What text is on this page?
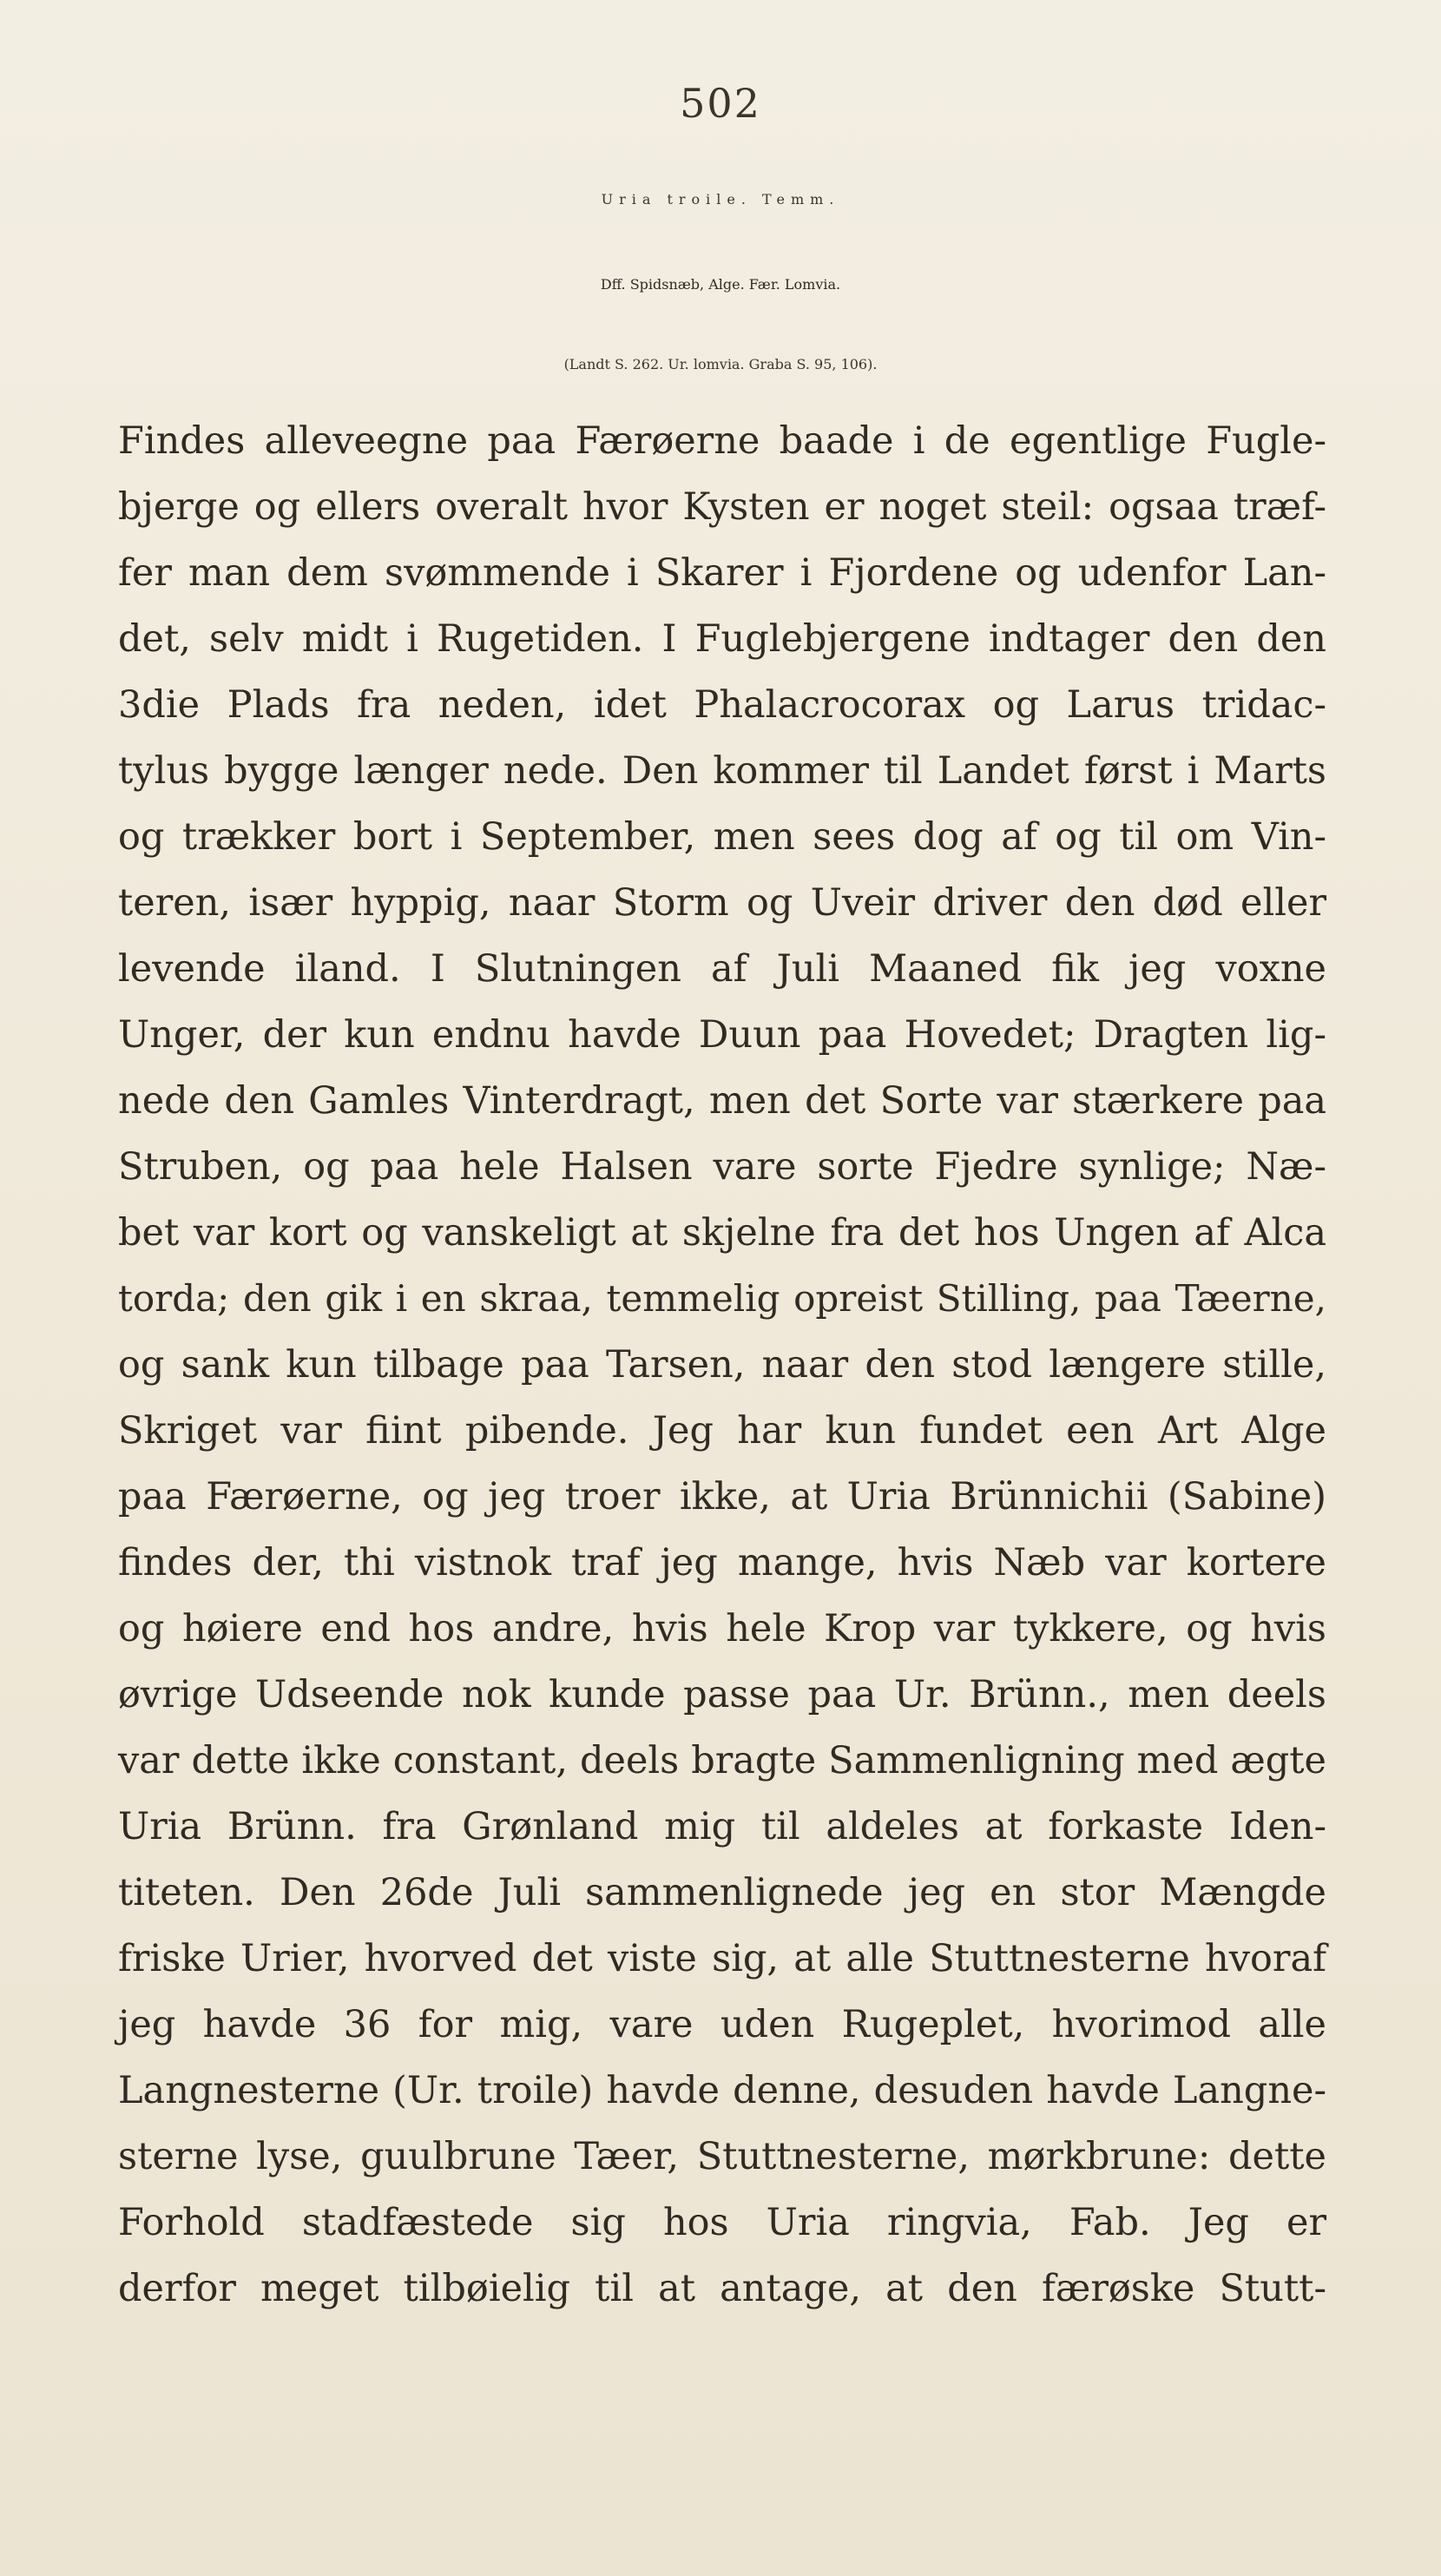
502
Uria troile. Temm.
Dff. Spidsnæb, Alge. Fær. Lomvia.
(Landt S. 262. Ur. lomvia. Graba S. 95, 106).
Findes alleveegne paa Færøerne baade i de egentlige Fugle-
bjerge og ellers overalt hvor Kysten er noget steil: ogsaa træf-
fer man dem svømmende i Skarer i Fjordene og udenfor Lan-
det, selv midt i Rugetiden. I Fuglebjergene indtager den den
3die Plads fra neden, idet Phalacrocorax og Larus tridac-
tylus bygge længer nede. Den kommer til Landet først i Marts
og trækker bort i September, men sees dog af og til om Vin-
teren, især hyppig, naar Storm og Uveir driver den død eller
levende iland. I Slutningen af Juli Maaned fik jeg voxne
Unger, der kun endnu havde Duun paa Hovedet; Dragten lig-
nede den Gamles Vinterdragt, men det Sorte var stærkere paa
Struben, og paa hele Halsen vare sorte Fjedre synlige; Næ-
bet var kort og vanskeligt at skjelne fra det hos Ungen af Alca
torda; den gik i en skraa, temmelig opreist Stilling, paa Tæerne,
og sank kun tilbage paa Tarsen, naar den stod længere stille,
Skriget var fiint pibende. Jeg har kun fundet een Art Alge
paa Færøerne, og jeg troer ikke, at Uria Brünnichii (Sabine)
findes der, thi vistnok traf jeg mange, hvis Næb var kortere
og høiere end hos andre, hvis hele Krop var tykkere, og hvis
øvrige Udseende nok kunde passe paa Ur. Brünn., men deels
var dette ikke constant, deels bragte Sammenligning med ægte
Uria Brünn. fra Grønland mig til aldeles at forkaste Iden-
titeten. Den 26de Juli sammenlignede jeg en stor Mængde
friske Urier, hvorved det viste sig, at alle Stuttnesterne hvoraf
jeg havde 36 for mig, vare uden Rugeplet, hvorimod alle
Langnesterne (Ur. troile) havde denne, desuden havde Langne-
sterne lyse, guulbrune Tæer, Stuttnesterne, mørkbrune: dette
Forhold stadfæstede sig hos Uria ringvia, Fab. Jeg er
derfor meget tilbøielig til at antage, at den færøske Stutt-
